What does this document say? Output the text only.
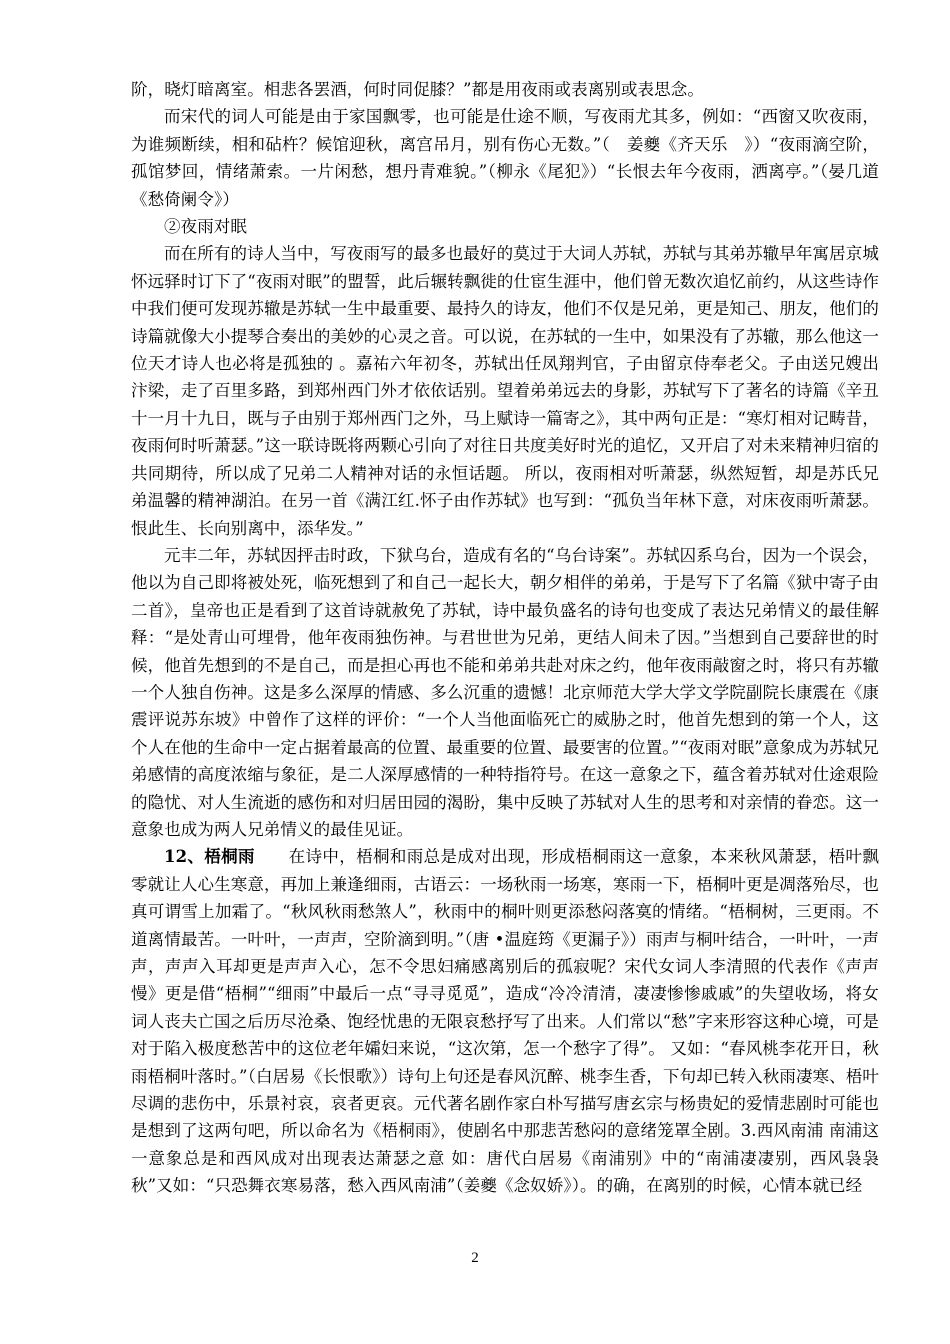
阶，晓灯暗离室。相悲各罢酒，何时同促膝？”都是用夜雨或表离别或表思念。

而宋代的词人可能是由于家国飘零，也可能是仕途不顺，写夜雨尤其多，例如：“西窗又吹夜雨，为谁频断续，相和砧杵？候馆迎秋，离宫吊月，别有伤心无数。”（　姜夔《齐天乐　》）“夜雨滴空阶，孤馆梦回，情绪萧索。一片闲愁，想丹青难貌。”（柳永《尾犯》）“长恨去年今夜雨，洒离亭。”（晏几道《愁倚阑令》）

②夜雨对眠

而在所有的诗人当中，写夜雨写的最多也最好的莫过于大词人苏轼，苏轼与其弟苏辙早年寓居京城怀远驿时订下了“夜雨对眠”的盟誓，此后辗转飘徙的仕宦生涯中，他们曾无数次追忆前约，从这些诗作中我们便可发现苏辙是苏轼一生中最重要、最持久的诗友，他们不仅是兄弟，更是知己、朋友，他们的诗篇就像大小提琴合奏出的美妙的心灵之音。可以说，在苏轼的一生中，如果没有了苏辙，那么他这一位天才诗人也必将是孤独的 。嘉祐六年初冬，苏轼出任凤翔判官，子由留京侍奉老父。子由送兄嫂出汴梁，走了百里多路，到郑州西门外才依依话别。望着弟弟远去的身影，苏轼写下了著名的诗篇《辛丑十一月十九日，既与子由别于郑州西门之外，马上赋诗一篇寄之》，其中两句正是：“寒灯相对记畴昔，夜雨何时听萧瑟。”这一联诗既将两颗心引向了对往日共度美好时光的追忆，又开启了对未来精神归宿的共同期待，所以成了兄弟二人精神对话的永恒话题。 所以，夜雨相对听萧瑟，纵然短暂，却是苏氏兄弟温馨的精神湖泊。在另一首《满江红.怀子由作苏轼》也写到：“孤负当年林下意，对床夜雨听萧瑟。恨此生、长向别离中，添华发。”

元丰二年，苏轼因抨击时政，下狱乌台，造成有名的“乌台诗案”。苏轼囚系乌台，因为一个误会，他以为自己即将被处死，临死想到了和自己一起长大，朝夕相伴的弟弟，于是写下了名篇《狱中寄子由二首》，皇帝也正是看到了这首诗就赦免了苏轼，诗中最负盛名的诗句也变成了表达兄弟情义的最佳解释：“是处青山可埋骨，他年夜雨独伤神。与君世世为兄弟，更结人间未了因。”当想到自己要辞世的时候，他首先想到的不是自己，而是担心再也不能和弟弟共赴对床之约，他年夜雨敲窗之时，将只有苏辙一个人独自伤神。这是多么深厚的情感、多么沉重的遗憾！北京师范大学大学文学院副院长康震在《康震评说苏东坡》中曾作了这样的评价：“一个人当他面临死亡的威胁之时，他首先想到的第一个人，这个人在他的生命中一定占据着最高的位置、最重要的位置、最要害的位置。”“夜雨对眠”意象成为苏轼兄弟感情的高度浓缩与象征，是二人深厚感情的一种特指符号。在这一意象之下，蕴含着苏轼对仕途艰险的隐忧、对人生流逝的感伤和对归居田园的渴盼，集中反映了苏轼对人生的思考和对亲情的眷恋。这一意象也成为两人兄弟情义的最佳见证。

12、梧桐雨　　在诗中，梧桐和雨总是成对出现，形成梧桐雨这一意象，本来秋风萧瑟，梧叶飘零就让人心生寒意，再加上兼逢细雨，古语云：一场秋雨一场寒，寒雨一下，梧桐叶更是凋落殆尽，也真可谓雪上加霜了。“秋风秋雨愁煞人”，秋雨中的桐叶则更添愁闷落寞的情绪。“梧桐树，三更雨。不道离情最苦。一叶叶，一声声，空阶滴到明。”（唐 •温庭筠《更漏子》）雨声与桐叶结合，一叶叶，一声声，声声入耳却更是声声入心，怎不令思妇痛感离别后的孤寂呢？宋代女词人李清照的代表作《声声慢》更是借“梧桐”“细雨”中最后一点“寻寻觅觅”，造成“冷冷清清，凄凄惨惨戚戚”的失望收场，将女词人丧夫亡国之后历尽沧桑、饱经忧患的无限哀愁抒写了出来。人们常以“愁”字来形容这种心境，可是对于陷入极度愁苦中的这位老年孀妇来说，“这次第，怎一个愁字了得”。 又如：“春风桃李花开日，秋雨梧桐叶落时。”（白居易《长恨歌》）诗句上句还是春风沉醉、桃李生香，下句却已转入秋雨凄寒、梧叶尽调的悲伤中，乐景衬哀，哀者更哀。元代著名剧作家白朴写描写唐玄宗与杨贵妃的爱情悲剧时可能也是想到了这两句吧，所以命名为《梧桐雨》，使剧名中那悲苦愁闷的意绪笼罩全剧。3.西风南浦 南浦这一意象总是和西风成对出现表达萧瑟之意 如：唐代白居易《南浦别》中的“南浦凄凄别，西风袅袅秋”又如：“只恐舞衣寒易落，愁入西风南浦”（姜夔《念奴娇》）。的确，在离别的时候，心情本就已经

2
